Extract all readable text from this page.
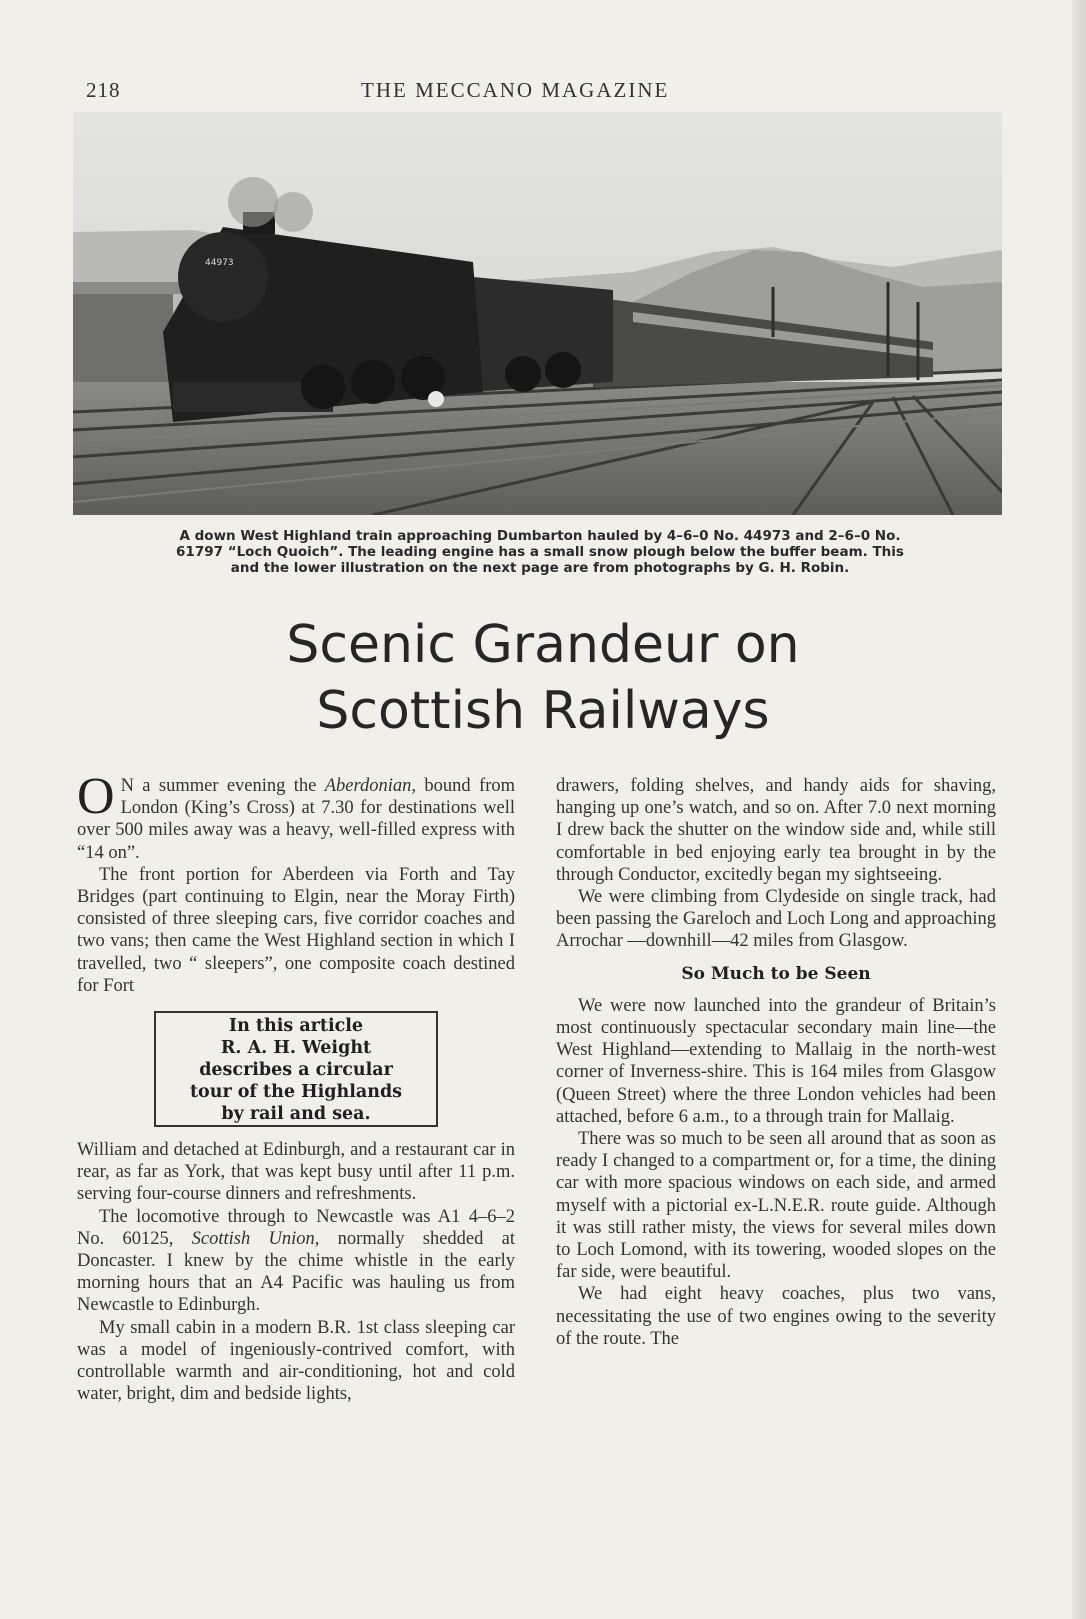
218	THE MECCANO MAGAZINE
44973
A down West Highland train approaching Dumbarton hauled by 4–6–0 No. 44973 and 2–6–0 No.
61797 “Loch Quoich”. The leading engine has a small snow plough below the buffer beam. This
and the lower illustration on the next page are from photographs by G. H. Robin.
Scenic Grandeur on
Scottish Railways

O N a summer evening the Aberdonian, bound from London (King’s Cross) at 7.30 for destinations well over 500 miles away was a heavy, well-filled express with “14 on”.

The front portion for Aberdeen via Forth and Tay Bridges (part continuing to Elgin, near the Moray Firth) consisted of three sleeping cars, five corridor coaches and two vans; then came the West Highland section in which I travelled, two “ sleepers”, one composite coach destined for Fort

In this article
R. A. H. Weight
describes a circular
tour of the Highlands
by rail and sea.

William and detached at Edinburgh, and a restaurant car in rear, as far as York, that was kept busy until after 11 p.m. serving four-course dinners and refreshments.

The locomotive through to Newcastle was A1 4–6–2 No. 60125, Scottish Union, normally shedded at Doncaster. I knew by the chime whistle in the early morning hours that an A4 Pacific was hauling us from Newcastle to Edinburgh.

My small cabin in a modern B.R. 1st class sleeping car was a model of ingeniously-contrived comfort, with controllable warmth and air-conditioning, hot and cold water, bright, dim and bedside lights,

drawers, folding shelves, and handy aids for shaving, hanging up one’s watch, and so on. After 7.0 next morning I drew back the shutter on the window side and, while still comfortable in bed enjoying early tea brought in by the through Conductor, excitedly began my sightseeing.

We were climbing from Clydeside on single track, had been passing the Gareloch and Loch Long and approaching Arrochar —downhill—42 miles from Glasgow.

So Much to be Seen

We were now launched into the grandeur of Britain’s most continuously spectacular secondary main line—the West Highland—extending to Mallaig in the north-west corner of Inverness-shire. This is 164 miles from Glasgow (Queen Street) where the three London vehicles had been attached, before 6 a.m., to a through train for Mallaig.

There was so much to be seen all around that as soon as ready I changed to a compartment or, for a time, the dining car with more spacious windows on each side, and armed myself with a pictorial ex-L.N.E.R. route guide. Although it was still rather misty, the views for several miles down to Loch Lomond, with its towering, wooded slopes on the far side, were beautiful.

We had eight heavy coaches, plus two vans, necessitating the use of two engines owing to the severity of the route. The
